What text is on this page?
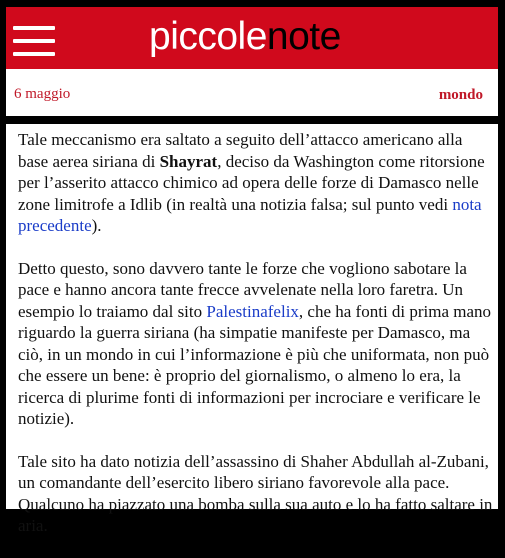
piccolenote
6 maggio	mondo

Tale meccanismo era saltato a seguito dell’attacco americano alla base aerea siriana di Shayrat, deciso da Washington come ritorsione per l’asserito attacco chimico ad opera delle forze di Damasco nelle zone limitrofe a Idlib (in realtà una notizia falsa; sul punto vedi nota precedente).

Detto questo, sono davvero tante le forze che vogliono sabotare la pace e hanno ancora tante frecce avvelenate nella loro faretra. Un esempio lo traiamo dal sito Palestinafelix, che ha fonti di prima mano riguardo la guerra siriana (ha simpatie manifeste per Damasco, ma ciò, in un mondo in cui l’informazione è più che uniformata, non può che essere un bene: è proprio del giornalismo, o almeno lo era, la ricerca di plurime fonti di informazioni per incrociare e verificare le notizie).

Tale sito ha dato notizia dell’assassino di Shaher Abdullah al-Zubani, un comandante dell’esercito libero siriano favorevole alla pace. Qualcuno ha piazzato una bomba sulla sua auto e lo ha fatto saltare in aria.
